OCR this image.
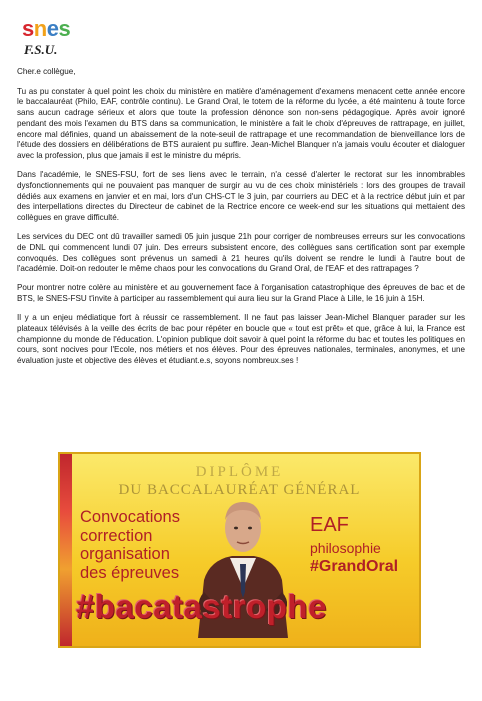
snes
F.S.U.

Cher.e collègue,

Tu as pu constater à quel point les choix du ministère en matière d'aménagement d'examens menacent cette année encore le baccalauréat (Philo, EAF, contrôle continu). Le Grand Oral, le totem de la réforme du lycée, a été maintenu à toute force sans aucun cadrage sérieux et alors que toute la profession dénonce son non-sens pédagogique. Après avoir ignoré pendant des mois l'examen du BTS dans sa communication, le ministère a fait le choix d'épreuves de rattrapage, en juillet, encore mal définies, quand un abaissement de la note-seuil de rattrapage et une recommandation de bienveillance lors de l'étude des dossiers en délibérations de BTS auraient pu suffire. Jean-Michel Blanquer n'a jamais voulu écouter et dialoguer avec la profession, plus que jamais il est le ministre du mépris.

Dans l'académie, le SNES-FSU, fort de ses liens avec le terrain, n'a cessé d'alerter le rectorat sur les innombrables dysfonctionnements qui ne pouvaient pas manquer de surgir au vu de ces choix ministériels : lors des groupes de travail dédiés aux examens en janvier et en mai, lors d'un CHS-CT le 3 juin, par courriers au DEC et à la rectrice début juin et par des interpellations directes du Directeur de cabinet de la Rectrice encore ce week-end sur les situations qui mettaient des collègues en grave difficulté.

Les services du DEC ont dû travailler samedi 05 juin jusque 21h pour corriger de nombreuses erreurs sur les convocations de DNL qui commencent lundi 07 juin. Des erreurs subsistent encore, des collègues sans certification sont par exemple convoqués. Des collègues sont prévenus un samedi à 21 heures qu'ils doivent se rendre le lundi à l'autre bout de l'académie. Doit-on redouter le même chaos pour les convocations du Grand Oral, de l'EAF et des rattrapages ?

Pour montrer notre colère au ministère et au gouvernement face à l'organisation catastrophique des épreuves de bac et de BTS, le SNES-FSU t'invite à participer au rassemblement qui aura lieu sur la Grand Place à Lille, le 16 juin à 15H.

Il y a un enjeu médiatique fort à réussir ce rassemblement. Il ne faut pas laisser Jean-Michel Blanquer parader sur les plateaux télévisés à la veille des écrits de bac pour répéter en boucle que « tout est prêt» et que, grâce à lui, la France est championne du monde de l'éducation. L'opinion publique doit savoir à quel point la réforme du bac et toutes les politiques en cours, sont nocives pour l'Ecole, nos métiers et nos élèves. Pour des épreuves nationales, terminales, anonymes, et une évaluation juste et objective des élèves et étudiant.e.s, soyons nombreux.ses !

DIPLÔME
DU BACCALAURÉAT GÉNÉRAL
Convocations
correction
organisation
des épreuves
EAF
philosophie
#GrandOral
#bacatastrophe
